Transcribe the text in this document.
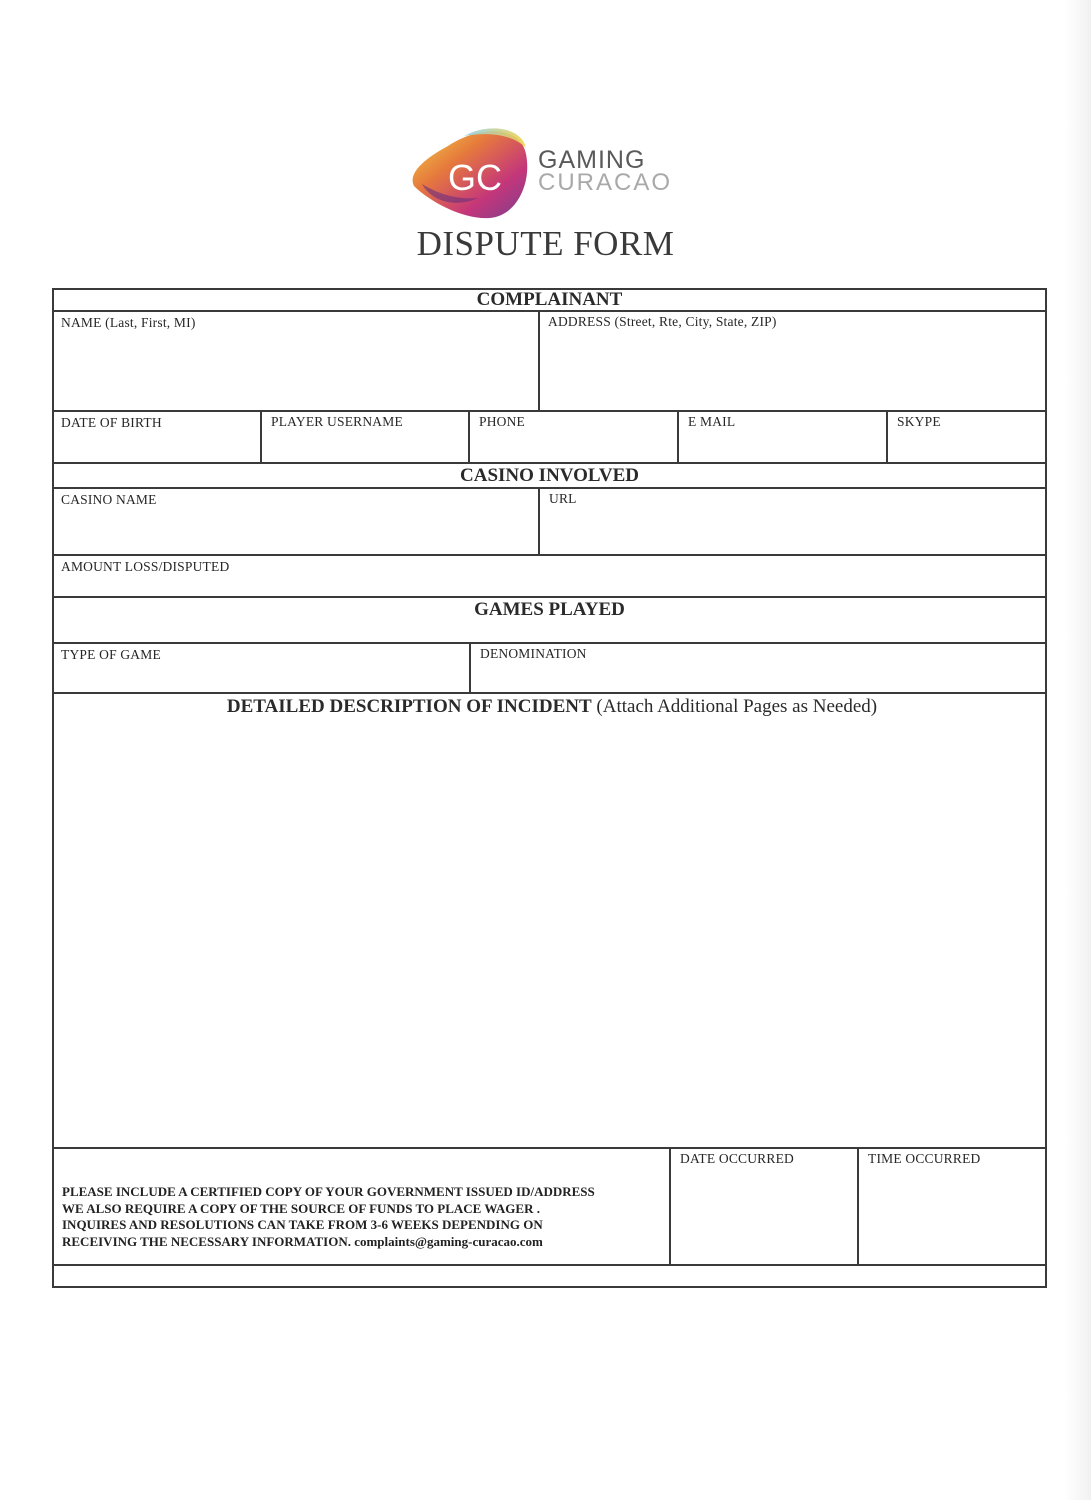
GC GAMING
CURACAO
DISPUTE FORM
COMPLAINANT
CASINO INVOLVED
GAMES PLAYED
NAME (Last, First, MI)	ADDRESS (Street, Rte, City, State, ZIP)
DATE OF BIRTH	PLAYER USERNAME	PHONE	E MAIL	SKYPE
CASINO NAME	URL
AMOUNT LOSS/DISPUTED
TYPE OF GAME	DENOMINATION
DATE OCCURRED	TIME OCCURRED
DETAILED DESCRIPTION OF INCIDENT (Attach Additional Pages as Needed)
PLEASE INCLUDE A CERTIFIED COPY OF YOUR GOVERNMENT ISSUED ID/ADDRESS
WE ALSO REQUIRE A COPY OF THE SOURCE OF FUNDS TO PLACE WAGER .
INQUIRES AND RESOLUTIONS CAN TAKE FROM 3-6 WEEKS DEPENDING ON
RECEIVING THE NECESSARY INFORMATION. complaints@gaming-curacao.com
